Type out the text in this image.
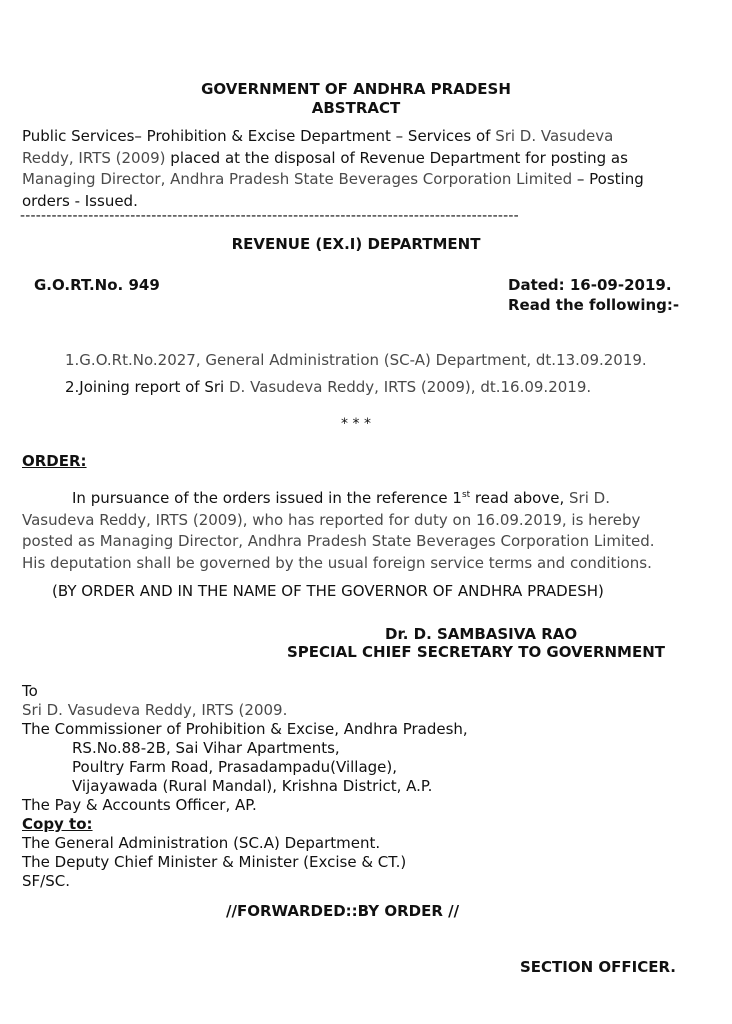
GOVERNMENT OF ANDHRA PRADESH
ABSTRACT
Public Services– Prohibition & Excise Department – Services of Sri D. Vasudeva
Reddy, IRTS (2009) placed at the disposal of Revenue Department for posting as
Managing Director, Andhra Pradesh State Beverages Corporation Limited – Posting
orders - Issued.
-----------------------------------------------------------------------------------------------
REVENUE (EX.I) DEPARTMENT
G.O.RT.No. 949	Dated: 16-09-2019.
Read the following:-
1.G.O.Rt.No.2027, General Administration (SC-A) Department, dt.13.09.2019.
2.Joining report of Sri D. Vasudeva Reddy, IRTS (2009), dt.16.09.2019.
* * *
ORDER:
In pursuance of the orders issued in the reference 1st read above, Sri D.
Vasudeva Reddy, IRTS (2009), who has reported for duty on 16.09.2019, is hereby
posted as Managing Director, Andhra Pradesh State Beverages Corporation Limited.
His deputation shall be governed by the usual foreign service terms and conditions.
(BY ORDER AND IN THE NAME OF THE GOVERNOR OF ANDHRA PRADESH)
Dr. D. SAMBASIVA RAO
SPECIAL CHIEF SECRETARY TO GOVERNMENT
To
Sri D. Vasudeva Reddy, IRTS (2009.
The Commissioner of Prohibition & Excise, Andhra Pradesh,
RS.No.88-2B, Sai Vihar Apartments,
Poultry Farm Road, Prasadampadu(Village),
Vijayawada (Rural Mandal), Krishna District, A.P.
The Pay & Accounts Officer, AP.
Copy to:
The General Administration (SC.A) Department.
The Deputy Chief Minister & Minister (Excise & CT.)
SF/SC.
//FORWARDED::BY ORDER //
SECTION OFFICER.
